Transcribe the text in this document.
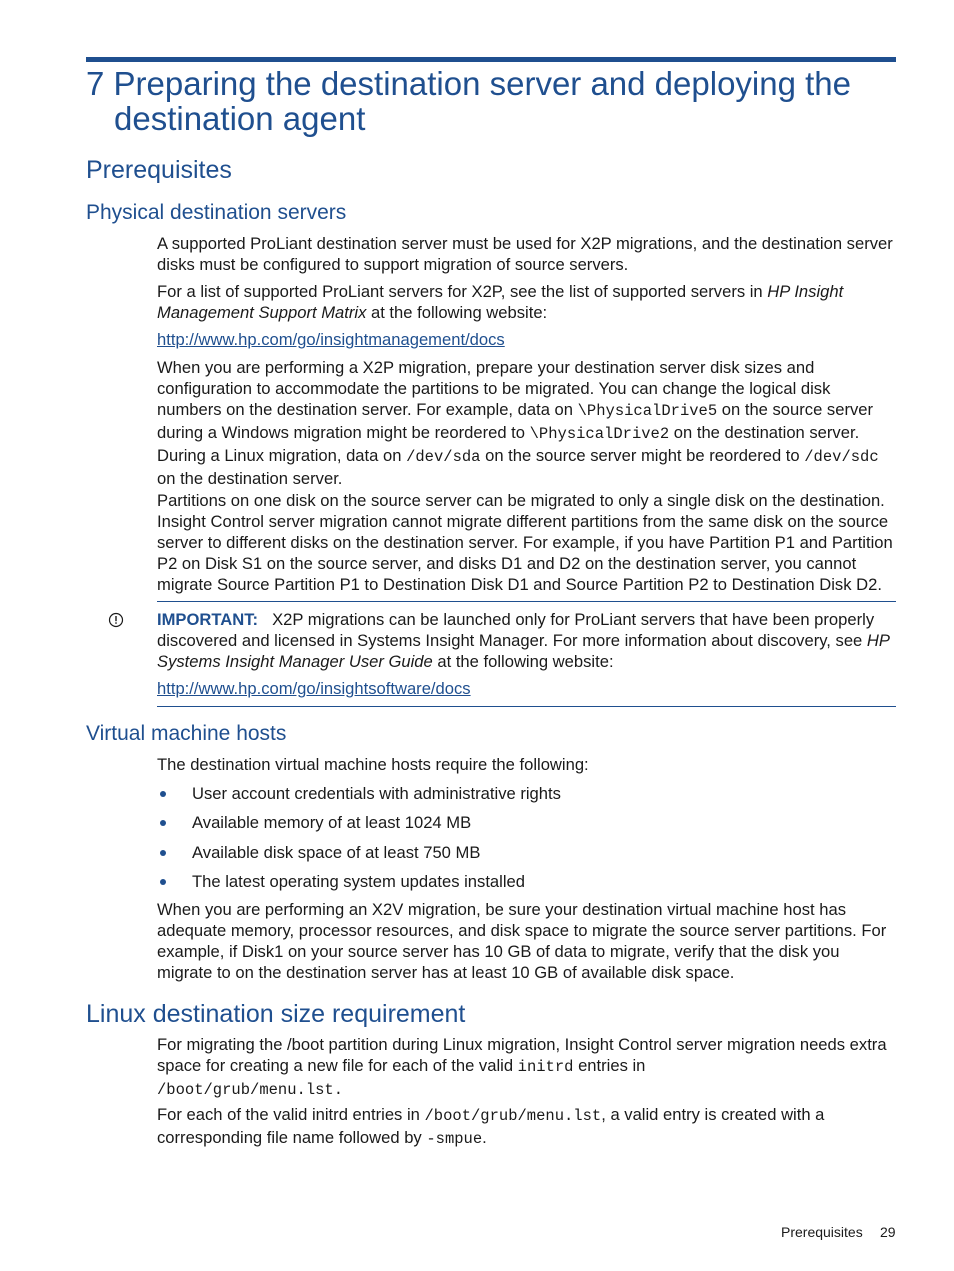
7 Preparing the destination server and deploying the destination agent
Prerequisites
Physical destination servers

A supported ProLiant destination server must be used for X2P migrations, and the destination server disks must be configured to support migration of source servers.

For a list of supported ProLiant servers for X2P, see the list of supported servers in HP Insight Management Support Matrix at the following website:

http://www.hp.com/go/insightmanagement/docs

When you are performing a X2P migration, prepare your destination server disk sizes and configuration to accommodate the partitions to be migrated. You can change the logical disk numbers on the destination server. For example, data on \PhysicalDrive5 on the source server during a Windows migration might be reordered to \PhysicalDrive2 on the destination server. During a Linux migration, data on /dev/sda on the source server might be reordered to /dev/sdc on the destination server.

Partitions on one disk on the source server can be migrated to only a single disk on the destination. Insight Control server migration cannot migrate different partitions from the same disk on the source server to different disks on the destination server. For example, if you have Partition P1 and Partition P2 on Disk S1 on the source server, and disks D1 and D2 on the destination server, you cannot migrate Source Partition P1 to Destination Disk D1 and Source Partition P2 to Destination Disk D2.

IMPORTANT: X2P migrations can be launched only for ProLiant servers that have been properly discovered and licensed in Systems Insight Manager. For more information about discovery, see HP Systems Insight Manager User Guide at the following website:

http://www.hp.com/go/insightsoftware/docs

Virtual machine hosts

The destination virtual machine hosts require the following:

User account credentials with administrative rights
Available memory of at least 1024 MB
Available disk space of at least 750 MB
The latest operating system updates installed

When you are performing an X2V migration, be sure your destination virtual machine host has adequate memory, processor resources, and disk space to migrate the source server partitions. For example, if Disk1 on your source server has 10 GB of data to migrate, verify that the disk you migrate to on the destination server has at least 10 GB of available disk space.

Linux destination size requirement

For migrating the /boot partition during Linux migration, Insight Control server migration needs extra space for creating a new file for each of the valid initrd entries in
/boot/grub/menu.lst.

For each of the valid initrd entries in /boot/grub/menu.lst, a valid entry is created with a corresponding file name followed by -smpue.

Prerequisites 29
